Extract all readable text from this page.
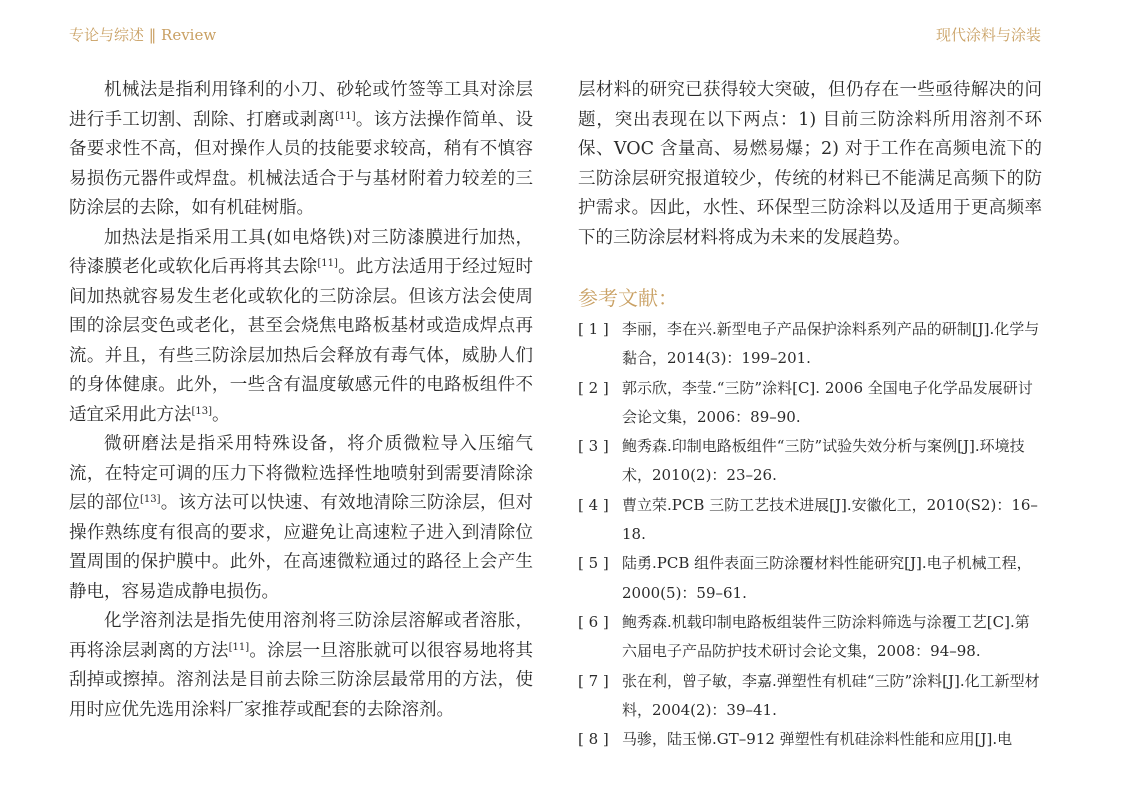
专论与综述 ‖ Review	现代涂料与涂装

机械法是指利用锋利的小刀、砂轮或竹签等工具对涂层进行手工切割、刮除、打磨或剥离[11]。该方法操作简单、设备要求性不高，但对操作人员的技能要求较高，稍有不慎容易损伤元器件或焊盘。机械法适合于与基材附着力较差的三防涂层的去除，如有机硅树脂。

加热法是指采用工具(如电烙铁)对三防漆膜进行加热，待漆膜老化或软化后再将其去除[11]。此方法适用于经过短时间加热就容易发生老化或软化的三防涂层。但该方法会使周围的涂层变色或老化，甚至会烧焦电路板基材或造成焊点再流。并且，有些三防涂层加热后会释放有毒气体，威胁人们的身体健康。此外，一些含有温度敏感元件的电路板组件不适宜采用此方法[13]。

微研磨法是指采用特殊设备，将介质微粒导入压缩气流，在特定可调的压力下将微粒选择性地喷射到需要清除涂层的部位[13]。该方法可以快速、有效地清除三防涂层，但对操作熟练度有很高的要求，应避免让高速粒子进入到清除位置周围的保护膜中。此外，在高速微粒通过的路径上会产生静电，容易造成静电损伤。

化学溶剂法是指先使用溶剂将三防涂层溶解或者溶胀，再将涂层剥离的方法[11]。涂层一旦溶胀就可以很容易地将其刮掉或擦掉。溶剂法是目前去除三防涂层最常用的方法，使用时应优先选用涂料厂家推荐或配套的去除溶剂。

层材料的研究已获得较大突破，但仍存在一些亟待解决的问题，突出表现在以下两点：1) 目前三防涂料所用溶剂不环保、VOC 含量高、易燃易爆；2) 对于工作在高频电流下的三防涂层研究报道较少，传统的材料已不能满足高频下的防护需求。因此，水性、环保型三防涂料以及适用于更高频率下的三防涂层材料将成为未来的发展趋势。

参考文献：
[ 1 ] 李丽，李在兴.新型电子产品保护涂料系列产品的研制[J].化学与黏合，2014(3)：199–201.
[ 2 ] 郭示欣，李莹.“三防”涂料[C]. 2006 全国电子化学品发展研讨会论文集，2006：89–90.
[ 3 ] 鲍秀森.印制电路板组件“三防”试验失效分析与案例[J].环境技术，2010(2)：23–26.
[ 4 ] 曹立荣.PCB 三防工艺技术进展[J].安徽化工，2010(S2)：16–18.
[ 5 ] 陆勇.PCB 组件表面三防涂覆材料性能研究[J].电子机械工程，2000(5)：59–61.
[ 6 ] 鲍秀森.机载印制电路板组装件三防涂料筛选与涂覆工艺[C].第六届电子产品防护技术研讨会论文集，2008：94–98.
[ 7 ] 张在利，曾子敏，李嘉.弹塑性有机硅“三防”涂料[J].化工新型材料，2004(2)：39–41.
[ 8 ] 马骖，陆玉悌.GT–912 弹塑性有机硅涂料性能和应用[J].电
